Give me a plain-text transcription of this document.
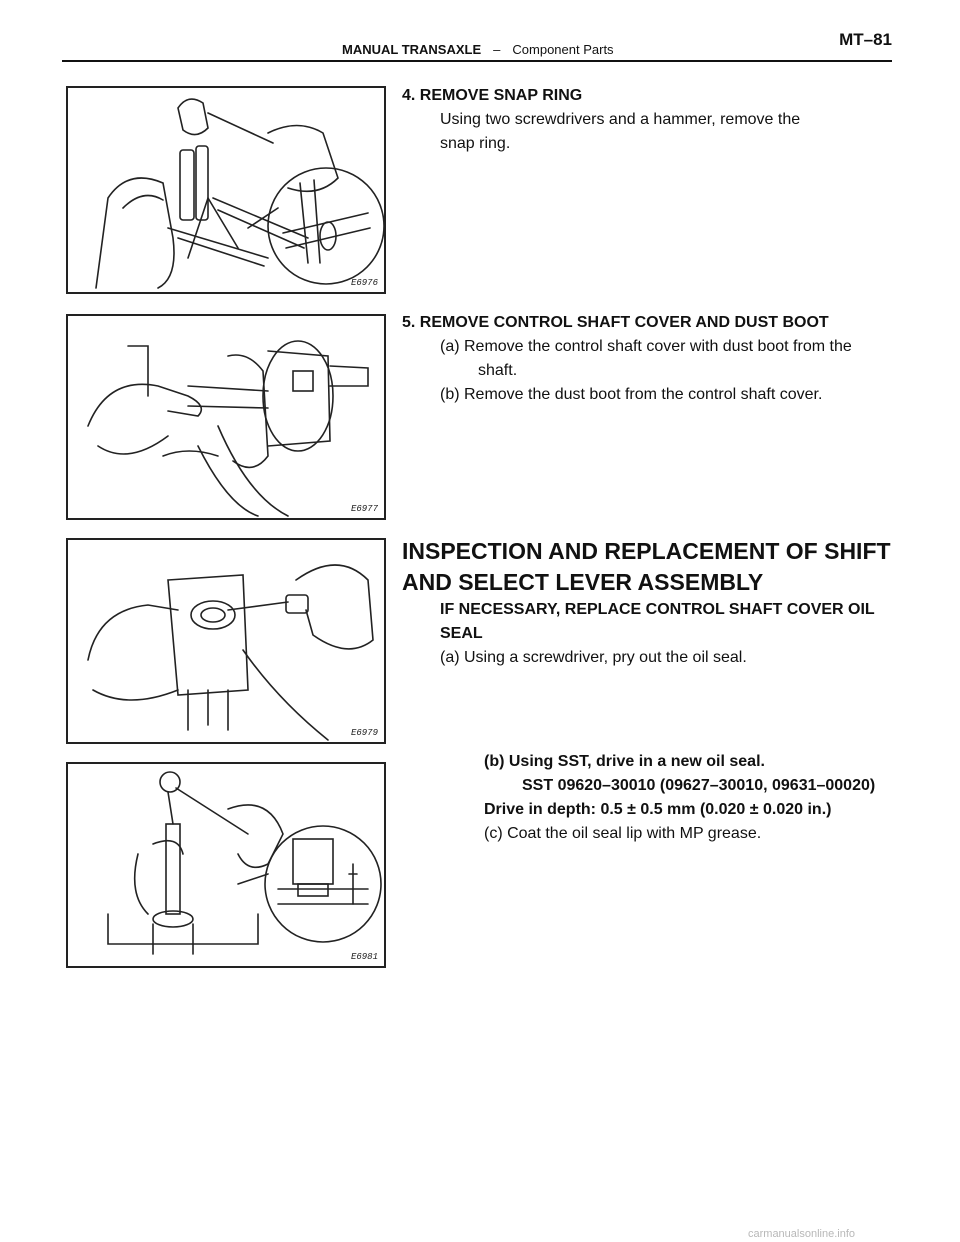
MANUAL TRANSAXLE – Component Parts
MT–81
E6976
4. REMOVE SNAP RING
Using two screwdrivers and a hammer, remove the
snap ring.
E6977
5. REMOVE CONTROL SHAFT COVER AND DUST BOOT
(a) Remove the control shaft cover with dust boot from the
shaft.
(b) Remove the dust boot from the control shaft cover.
E6979
INSPECTION AND REPLACEMENT OF SHIFT
AND SELECT LEVER ASSEMBLY
IF NECESSARY, REPLACE CONTROL SHAFT COVER OIL
SEAL
(a) Using a screwdriver, pry out the oil seal.
E6981
(b) Using SST, drive in a new oil seal.
SST 09620–30010 (09627–30010, 09631–00020)
Drive in depth: 0.5 ± 0.5 mm (0.020 ± 0.020 in.)
(c) Coat the oil seal lip with MP grease.
carmanualsonline.info
